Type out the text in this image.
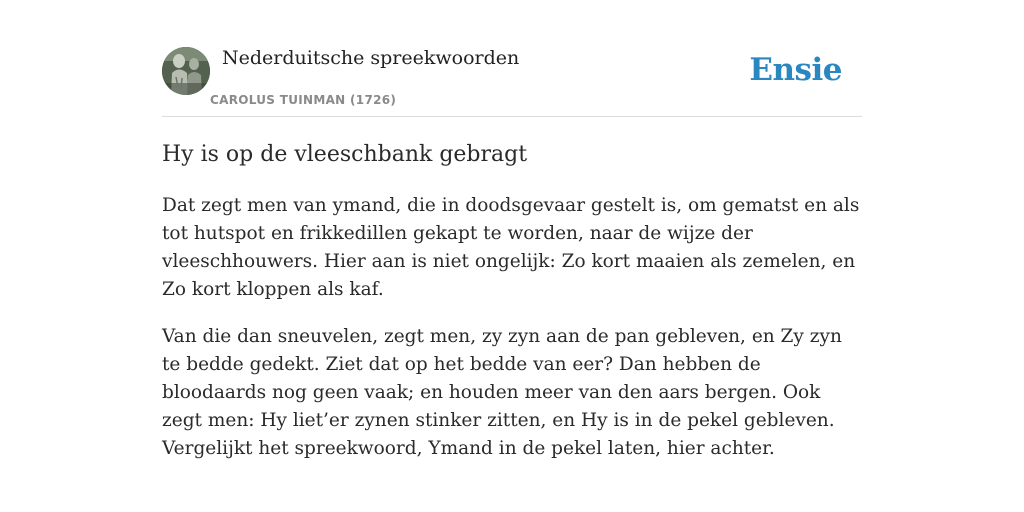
Nederduitsche spreekwoorden
CAROLUS TUINMAN (1726)
Ensie
Hy is op de vleeschbank gebragt

Dat zegt men van ymand, die in doodsgevaar gestelt is, om gematst en als tot hutspot en frikkedillen gekapt te worden, naar de wijze der vleeschhouwers. Hier aan is niet ongelijk: Zo kort maaien als zemelen, en Zo kort kloppen als kaf.

Van die dan sneuvelen, zegt men, zy zyn aan de pan gebleven, en Zy zyn te bedde gedekt. Ziet dat op het bedde van eer? Dan hebben de bloodaards nog geen vaak; en houden meer van den aars bergen. Ook zegt men: Hy liet’er zynen stinker zitten, en Hy is in de pekel gebleven. Vergelijkt het spreekwoord, Ymand in de pekel laten, hier achter.
